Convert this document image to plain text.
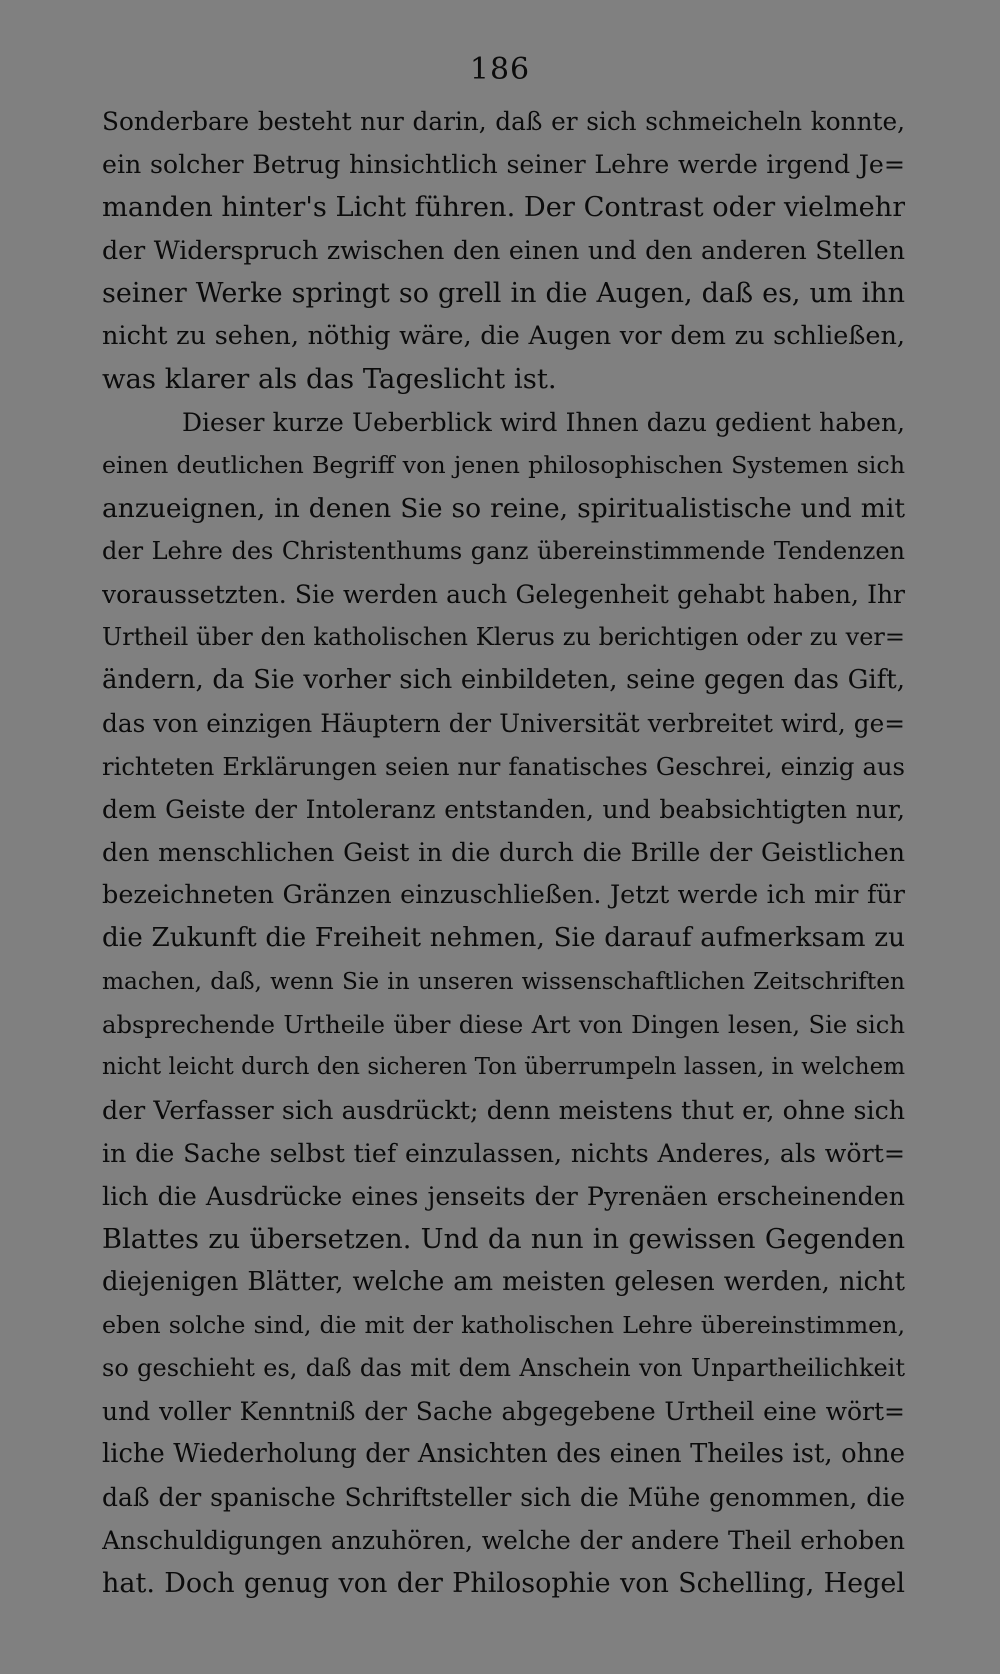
186
Sonderbare besteht nur darin, daß er sich schmeicheln konnte,
ein solcher Betrug hinsichtlich seiner Lehre werde irgend Je=
manden hinter's Licht führen. Der Contrast oder vielmehr
der Widerspruch zwischen den einen und den anderen Stellen
seiner Werke springt so grell in die Augen, daß es, um ihn
nicht zu sehen, nöthig wäre, die Augen vor dem zu schließen,
was klarer als das Tageslicht ist.
Dieser kurze Ueberblick wird Ihnen dazu gedient haben,
einen deutlichen Begriff von jenen philosophischen Systemen sich
anzueignen, in denen Sie so reine, spiritualistische und mit
der Lehre des Christenthums ganz übereinstimmende Tendenzen
voraussetzten. Sie werden auch Gelegenheit gehabt haben, Ihr
Urtheil über den katholischen Klerus zu berichtigen oder zu ver=
ändern, da Sie vorher sich einbildeten, seine gegen das Gift,
das von einzigen Häuptern der Universität verbreitet wird, ge=
richteten Erklärungen seien nur fanatisches Geschrei, einzig aus
dem Geiste der Intoleranz entstanden, und beabsichtigten nur,
den menschlichen Geist in die durch die Brille der Geistlichen
bezeichneten Gränzen einzuschließen. Jetzt werde ich mir für
die Zukunft die Freiheit nehmen, Sie darauf aufmerksam zu
machen, daß, wenn Sie in unseren wissenschaftlichen Zeitschriften
absprechende Urtheile über diese Art von Dingen lesen, Sie sich
nicht leicht durch den sicheren Ton überrumpeln lassen, in welchem
der Verfasser sich ausdrückt; denn meistens thut er, ohne sich
in die Sache selbst tief einzulassen, nichts Anderes, als wört=
lich die Ausdrücke eines jenseits der Pyrenäen erscheinenden
Blattes zu übersetzen. Und da nun in gewissen Gegenden
diejenigen Blätter, welche am meisten gelesen werden, nicht
eben solche sind, die mit der katholischen Lehre übereinstimmen,
so geschieht es, daß das mit dem Anschein von Unpartheilichkeit
und voller Kenntniß der Sache abgegebene Urtheil eine wört=
liche Wiederholung der Ansichten des einen Theiles ist, ohne
daß der spanische Schriftsteller sich die Mühe genommen, die
Anschuldigungen anzuhören, welche der andere Theil erhoben
hat. Doch genug von der Philosophie von Schelling, Hegel
